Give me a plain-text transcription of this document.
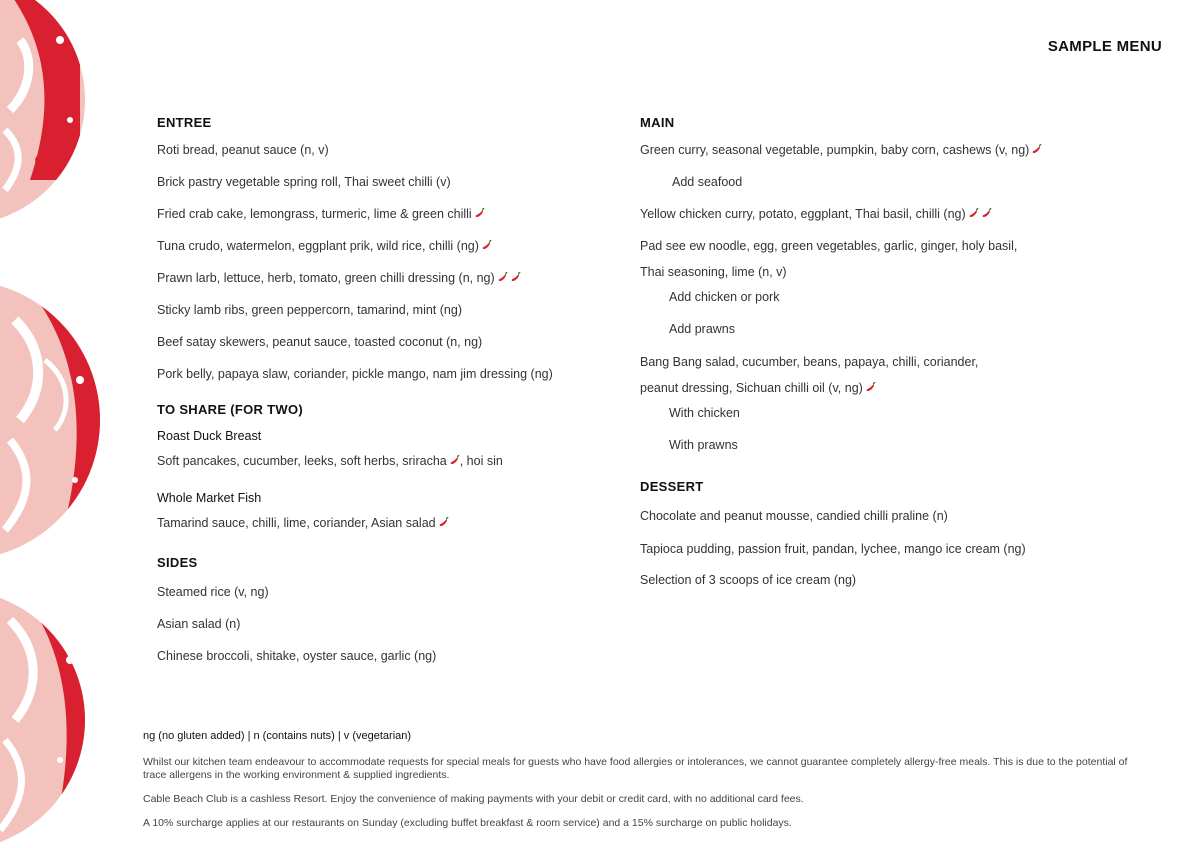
SAMPLE MENU
ENTREE
Roti bread, peanut sauce (n, v)
Brick pastry vegetable spring roll, Thai sweet chilli (v)
Fried crab cake, lemongrass, turmeric, lime & green chilli
Tuna crudo, watermelon, eggplant prik, wild rice, chilli (ng)
Prawn larb, lettuce, herb, tomato, green chilli dressing (n, ng)
Sticky lamb ribs, green peppercorn, tamarind, mint (ng)
Beef satay skewers, peanut sauce, toasted coconut (n, ng)
Pork belly, papaya slaw, coriander, pickle mango, nam jim dressing (ng)
TO SHARE (FOR TWO)
Roast Duck Breast
Soft pancakes, cucumber, leeks, soft herbs, sriracha , hoi sin
Whole Market Fish
Tamarind sauce, chilli, lime, coriander, Asian salad
SIDES
Steamed rice (v, ng)
Asian salad (n)
Chinese broccoli, shitake, oyster sauce, garlic (ng)
MAIN
Green curry, seasonal vegetable, pumpkin, baby corn, cashews (v, ng)
Add seafood
Yellow chicken curry, potato, eggplant, Thai basil, chilli (ng)
Pad see ew noodle, egg, green vegetables, garlic, ginger, holy basil,
Thai seasoning, lime (n, v)
Add chicken or pork
Add prawns
Bang Bang salad, cucumber, beans, papaya, chilli, coriander,
peanut dressing, Sichuan chilli oil (v, ng)
With chicken
With prawns
DESSERT
Chocolate and peanut mousse, candied chilli praline (n)
Tapioca pudding, passion fruit, pandan, lychee, mango ice cream (ng)
Selection of 3 scoops of ice cream (ng)

ng (no gluten added) | n (contains nuts) | v (vegetarian)

Whilst our kitchen team endeavour to accommodate requests for special meals for guests who have food allergies or intolerances, we cannot guarantee completely allergy-free meals. This is due to the potential of trace allergens in the working environment & supplied ingredients.

Cable Beach Club is a cashless Resort. Enjoy the convenience of making payments with your debit or credit card, with no additional card fees.

A 10% surcharge applies at our restaurants on Sunday (excluding buffet breakfast & room service) and a 15% surcharge on public holidays.
